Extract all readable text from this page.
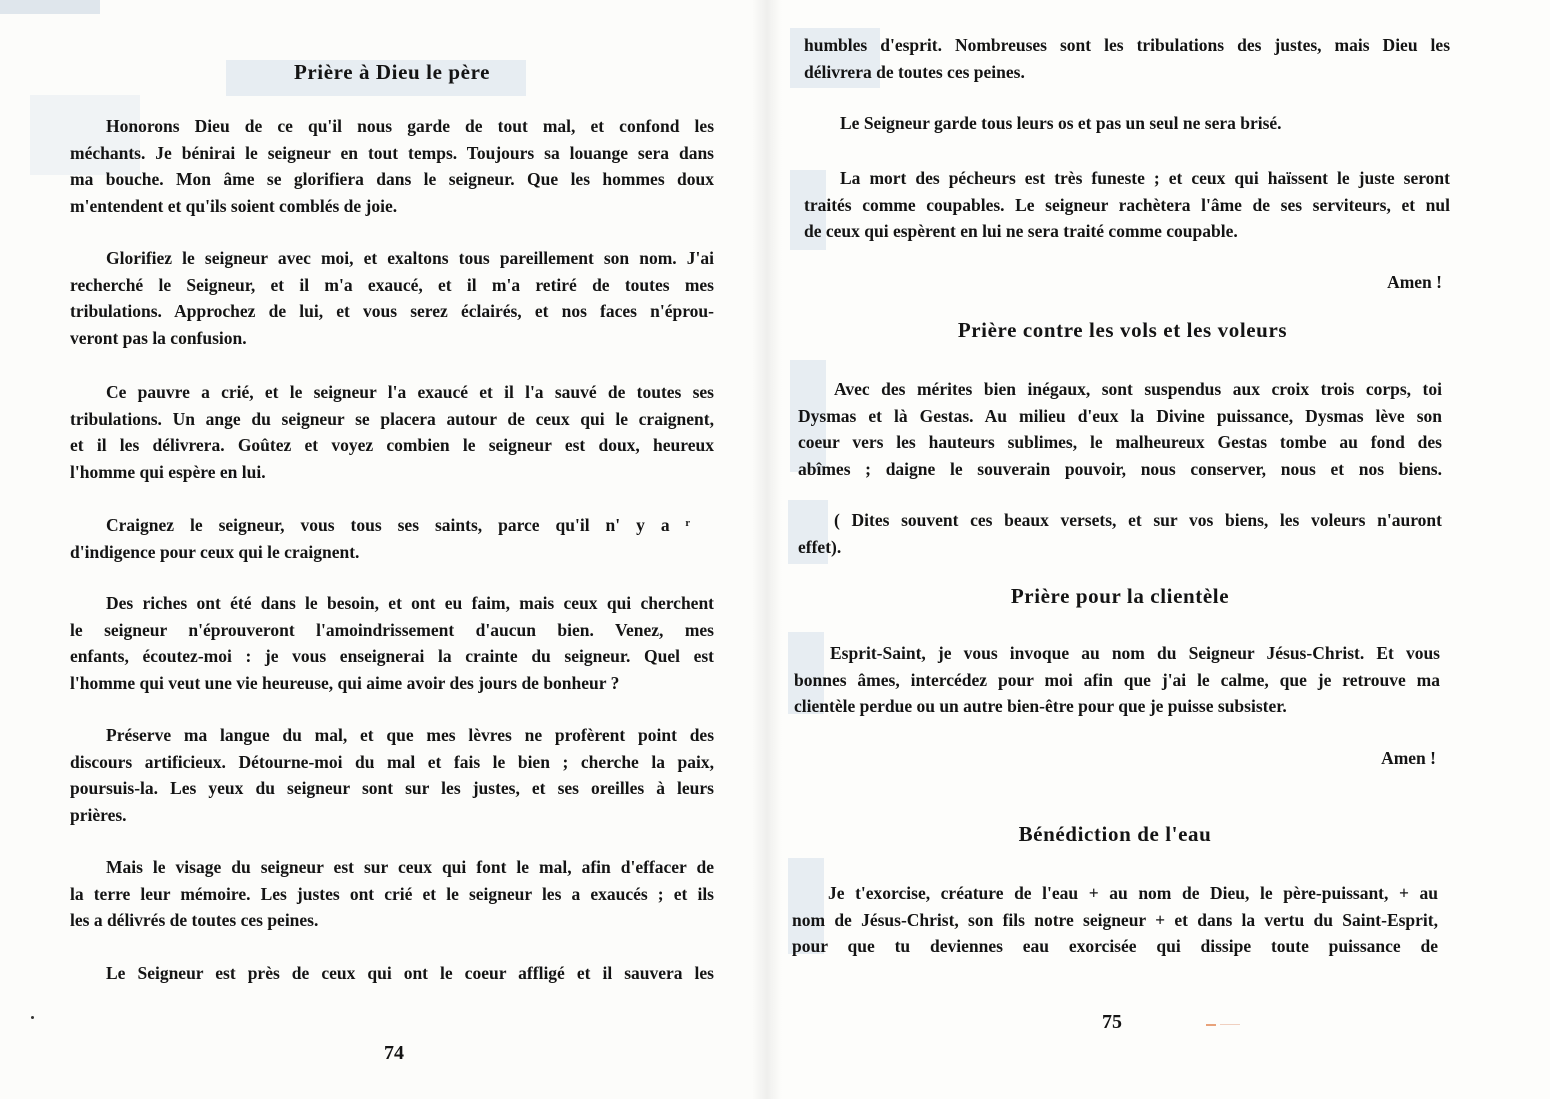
Prière à Dieu le père
Honorons Dieu de ce qu'il nous garde de tout mal, et confond les
méchants. Je bénirai le seigneur en tout temps. Toujours sa louange sera dans
ma bouche. Mon âme se glorifiera dans le seigneur. Que les hommes doux
m'entendent et qu'ils soient comblés de joie.
Glorifiez le seigneur avec moi, et exaltons tous pareillement son nom. J'ai
recherché le Seigneur, et il m'a exaucé, et il m'a retiré de toutes mes
tribulations. Approchez de lui, et vous serez éclairés, et nos faces n'éprou-
veront pas la confusion.
Ce pauvre a crié, et le seigneur l'a exaucé et il l'a sauvé de toutes ses
tribulations. Un ange du seigneur se placera autour de ceux qui le craignent,
et il les délivrera. Goûtez et voyez combien le seigneur est doux, heureux
l'homme qui espère en lui.
Craignez le seigneur, vous tous ses saints, parce qu'il n' y a ʳ
d'indigence pour ceux qui le craignent.
Des riches ont été dans le besoin, et ont eu faim, mais ceux qui cherchent
le seigneur n'éprouveront l'amoindrissement d'aucun bien. Venez, mes
enfants, écoutez-moi : je vous enseignerai la crainte du seigneur. Quel est
l'homme qui veut une vie heureuse, qui aime avoir des jours de bonheur ?
Préserve ma langue du mal, et que mes lèvres ne profèrent point des
discours artificieux. Détourne-moi du mal et fais le bien ; cherche la paix,
poursuis-la. Les yeux du seigneur sont sur les justes, et ses oreilles à leurs
prières.
Mais le visage du seigneur est sur ceux qui font le mal, afin d'effacer de
la terre leur mémoire. Les justes ont crié et le seigneur les a exaucés ; et ils
les a délivrés de toutes ces peines.
Le Seigneur est près de ceux qui ont le coeur affligé et il sauvera les
74
humbles d'esprit. Nombreuses sont les tribulations des justes, mais Dieu les
délivrera de toutes ces peines.
Le Seigneur garde tous leurs os et pas un seul ne sera brisé.
La mort des pécheurs est très funeste ; et ceux qui haïssent le juste seront
traités comme coupables. Le seigneur rachètera l'âme de ses serviteurs, et nul
de ceux qui espèrent en lui ne sera traité comme coupable.
Amen !
Prière contre les vols et les voleurs
Avec des mérites bien inégaux, sont suspendus aux croix trois corps, toi
Dysmas et là Gestas. Au milieu d'eux la Divine puissance, Dysmas lève son
coeur vers les hauteurs sublimes, le malheureux Gestas tombe au fond des
abîmes ; daigne le souverain pouvoir, nous conserver, nous et nos biens.
( Dites souvent ces beaux versets, et sur vos biens, les voleurs n'auront
effet).
Prière pour la clientèle
Esprit-Saint, je vous invoque au nom du Seigneur Jésus-Christ. Et vous
bonnes âmes, intercédez pour moi afin que j'ai le calme, que je retrouve ma
clientèle perdue ou un autre bien-être pour que je puisse subsister.
Amen !
Bénédiction de l'eau
Je t'exorcise, créature de l'eau + au nom de Dieu, le père-puissant, + au
nom de Jésus-Christ, son fils notre seigneur + et dans la vertu du Saint-Esprit,
pour que tu deviennes eau exorcisée qui dissipe toute puissance de
75
